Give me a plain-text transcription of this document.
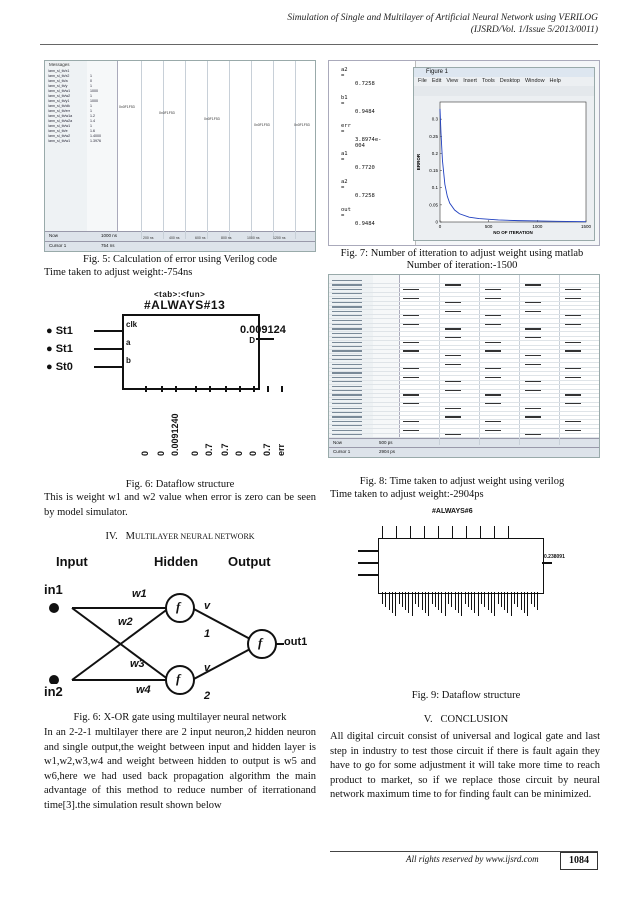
Simulation of Single and Multilayer of Artificial Neural Network using VERILOG
(IJSRD/Vol. 1/Issue 5/2013/0011)
Messages
/ann_sl_tb/x1
/ann_sl_tb/x2
/ann_sl_tb/a
/ann_sl_tb/y
/ann_sl_tb/w1
/ann_sl_tb/w2
/ann_sl_tb/y1
/ann_sl_tb/clk
/ann_sl_tb/err
/ann_sl_tb/w1a
/ann_sl_tb/w2a
/ann_sl_tb/w1
/ann_sl_tb/e
/ann_sl_tb/w2
/ann_sl_tb/w1
1
0
1
1000
1
1000
1
1
1.2
1.4
1
1.6
1.4000
1.3976
Now	1000 ns
Cursor 1	754 ns
0x0F1F53
0x0F1F53
0x0F1F53
0x0F1F53	0x0F1F53
200 ns	400 ns	600 ns	800 ns	1000 ns	1200 ns
Fig. 5: Calculation of error using Verilog code
Time taken to adjust weight:-754ns
<tab>:<fun>
#ALWAYS#13
clk
a
b
D
● St1
● St1
● St0
0.009124
0 0 0.0091240 0 0.7 0.7 0 0 0.7 err
Fig. 6: Dataflow structure
This is weight w1 and w2 value when error is zero can be seen by model simulator.
IV. MULTILAYER NEURAL NETWORK
Input	Hidden Output
in1
in2
w1
w2
w3
w4
v
1
v
2
f
f
f out1
Fig. 6: X-OR gate using multilayer neural network
In an 2-2-1 multilayer there are 2 input neuron,2 hidden neuron and single output,the weight between input and hidden layer is w1,w2,w3,w4 and weight between hidden to output is w5 and w6,here we had used back propagation algorithm the main advantage of this method to reduce number of iterrationand time[3].the simulation result shown below
a2 =
0.7258
b1 =
0.9484
err =
3.8974e-004
a1 =
0.7720
a2 =
0.7258
out =
0.9484
Figure 1
File Edit View Insert Tools Desktop Window Help
0
0.05
0.1
0.15
0.2
0.25
0.3
0	500	1000	1500
NO OF ITERATION
ERROR
Fig. 7: Number of itteration to adjust weight using matlab
Number of iteration:-1500
Now	500 ps
Cursor 1	2904 ps
Fig. 8: Time taken to adjust weight using verilog
Time taken to adjust weight:-2904ps
#ALWAYS#6
0.238091
Fig. 9: Dataflow structure
V. CONCLUSION
All digital circuit consist of universal and logical gate and last step in industry to test those circuit if there is fault again they have to go for some adjustment it will take more time to reach product to market, so if we replace those circuit by neural network maximum time to for finding fault can be minimized.
All rights reserved by www.ijsrd.com	1084
